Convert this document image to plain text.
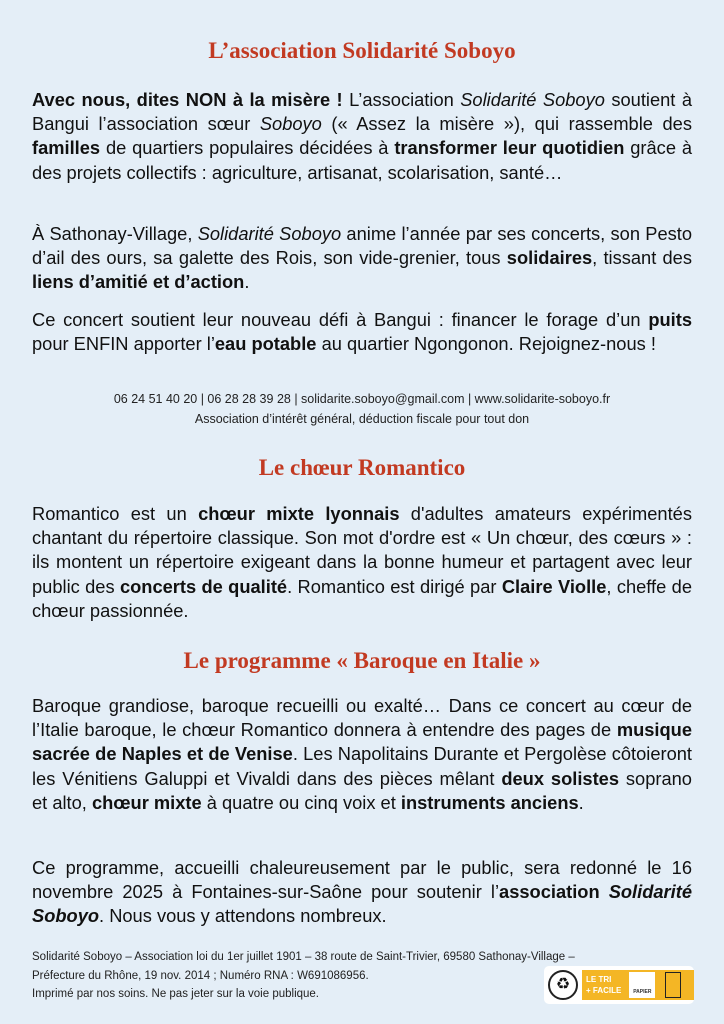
L’association Solidarité Soboyo

Avec nous, dites NON à la misère ! L’association Solidarité Soboyo soutient à Bangui l’association sœur Soboyo (« Assez la misère »), qui rassemble des familles de quartiers populaires décidées à transformer leur quotidien grâce à des projets collectifs : agriculture, artisanat, scolarisation, santé…

À Sathonay-Village, Solidarité Soboyo anime l’année par ses concerts, son Pesto d’ail des ours, sa galette des Rois, son vide-grenier, tous solidaires, tissant des liens d’amitié et d’action.

Ce concert soutient leur nouveau défi à Bangui : financer le forage d’un puits pour ENFIN apporter l’eau potable au quartier Ngongonon. Rejoignez-nous !

06 24 51 40 20 | 06 28 28 39 28 | solidarite.soboyo@gmail.com | www.solidarite-soboyo.fr
Association d’intérêt général, déduction fiscale pour tout don
Le chœur Romantico

Romantico est un chœur mixte lyonnais d'adultes amateurs expérimentés chantant du répertoire classique. Son mot d'ordre est « Un chœur, des cœurs » : ils montent un répertoire exigeant dans la bonne humeur et partagent avec leur public des concerts de qualité. Romantico est dirigé par Claire Violle, cheffe de chœur passionnée.

Le programme « Baroque en Italie »

Baroque grandiose, baroque recueilli ou exalté… Dans ce concert au cœur de l’Italie baroque, le chœur Romantico donnera à entendre des pages de musique sacrée de Naples et de Venise. Les Napolitains Durante et Pergolèse côtoieront les Vénitiens Galuppi et Vivaldi dans des pièces mêlant deux solistes soprano et alto, chœur mixte à quatre ou cinq voix et instruments anciens.

Ce programme, accueilli chaleureusement par le public, sera redonné le 16 novembre 2025 à Fontaines-sur-Saône pour soutenir l’association Solidarité Soboyo. Nous vous y attendons nombreux.

Solidarité Soboyo – Association loi du 1er juillet 1901 – 38 route de Saint-Trivier, 69580 Sathonay-Village –
Préfecture du Rhône, 19 nov. 2014 ; Numéro RNA : W691086956.
Imprimé par nos soins. Ne pas jeter sur la voie publique.
♻	LE TRI
+ FACILE	PAPIER
